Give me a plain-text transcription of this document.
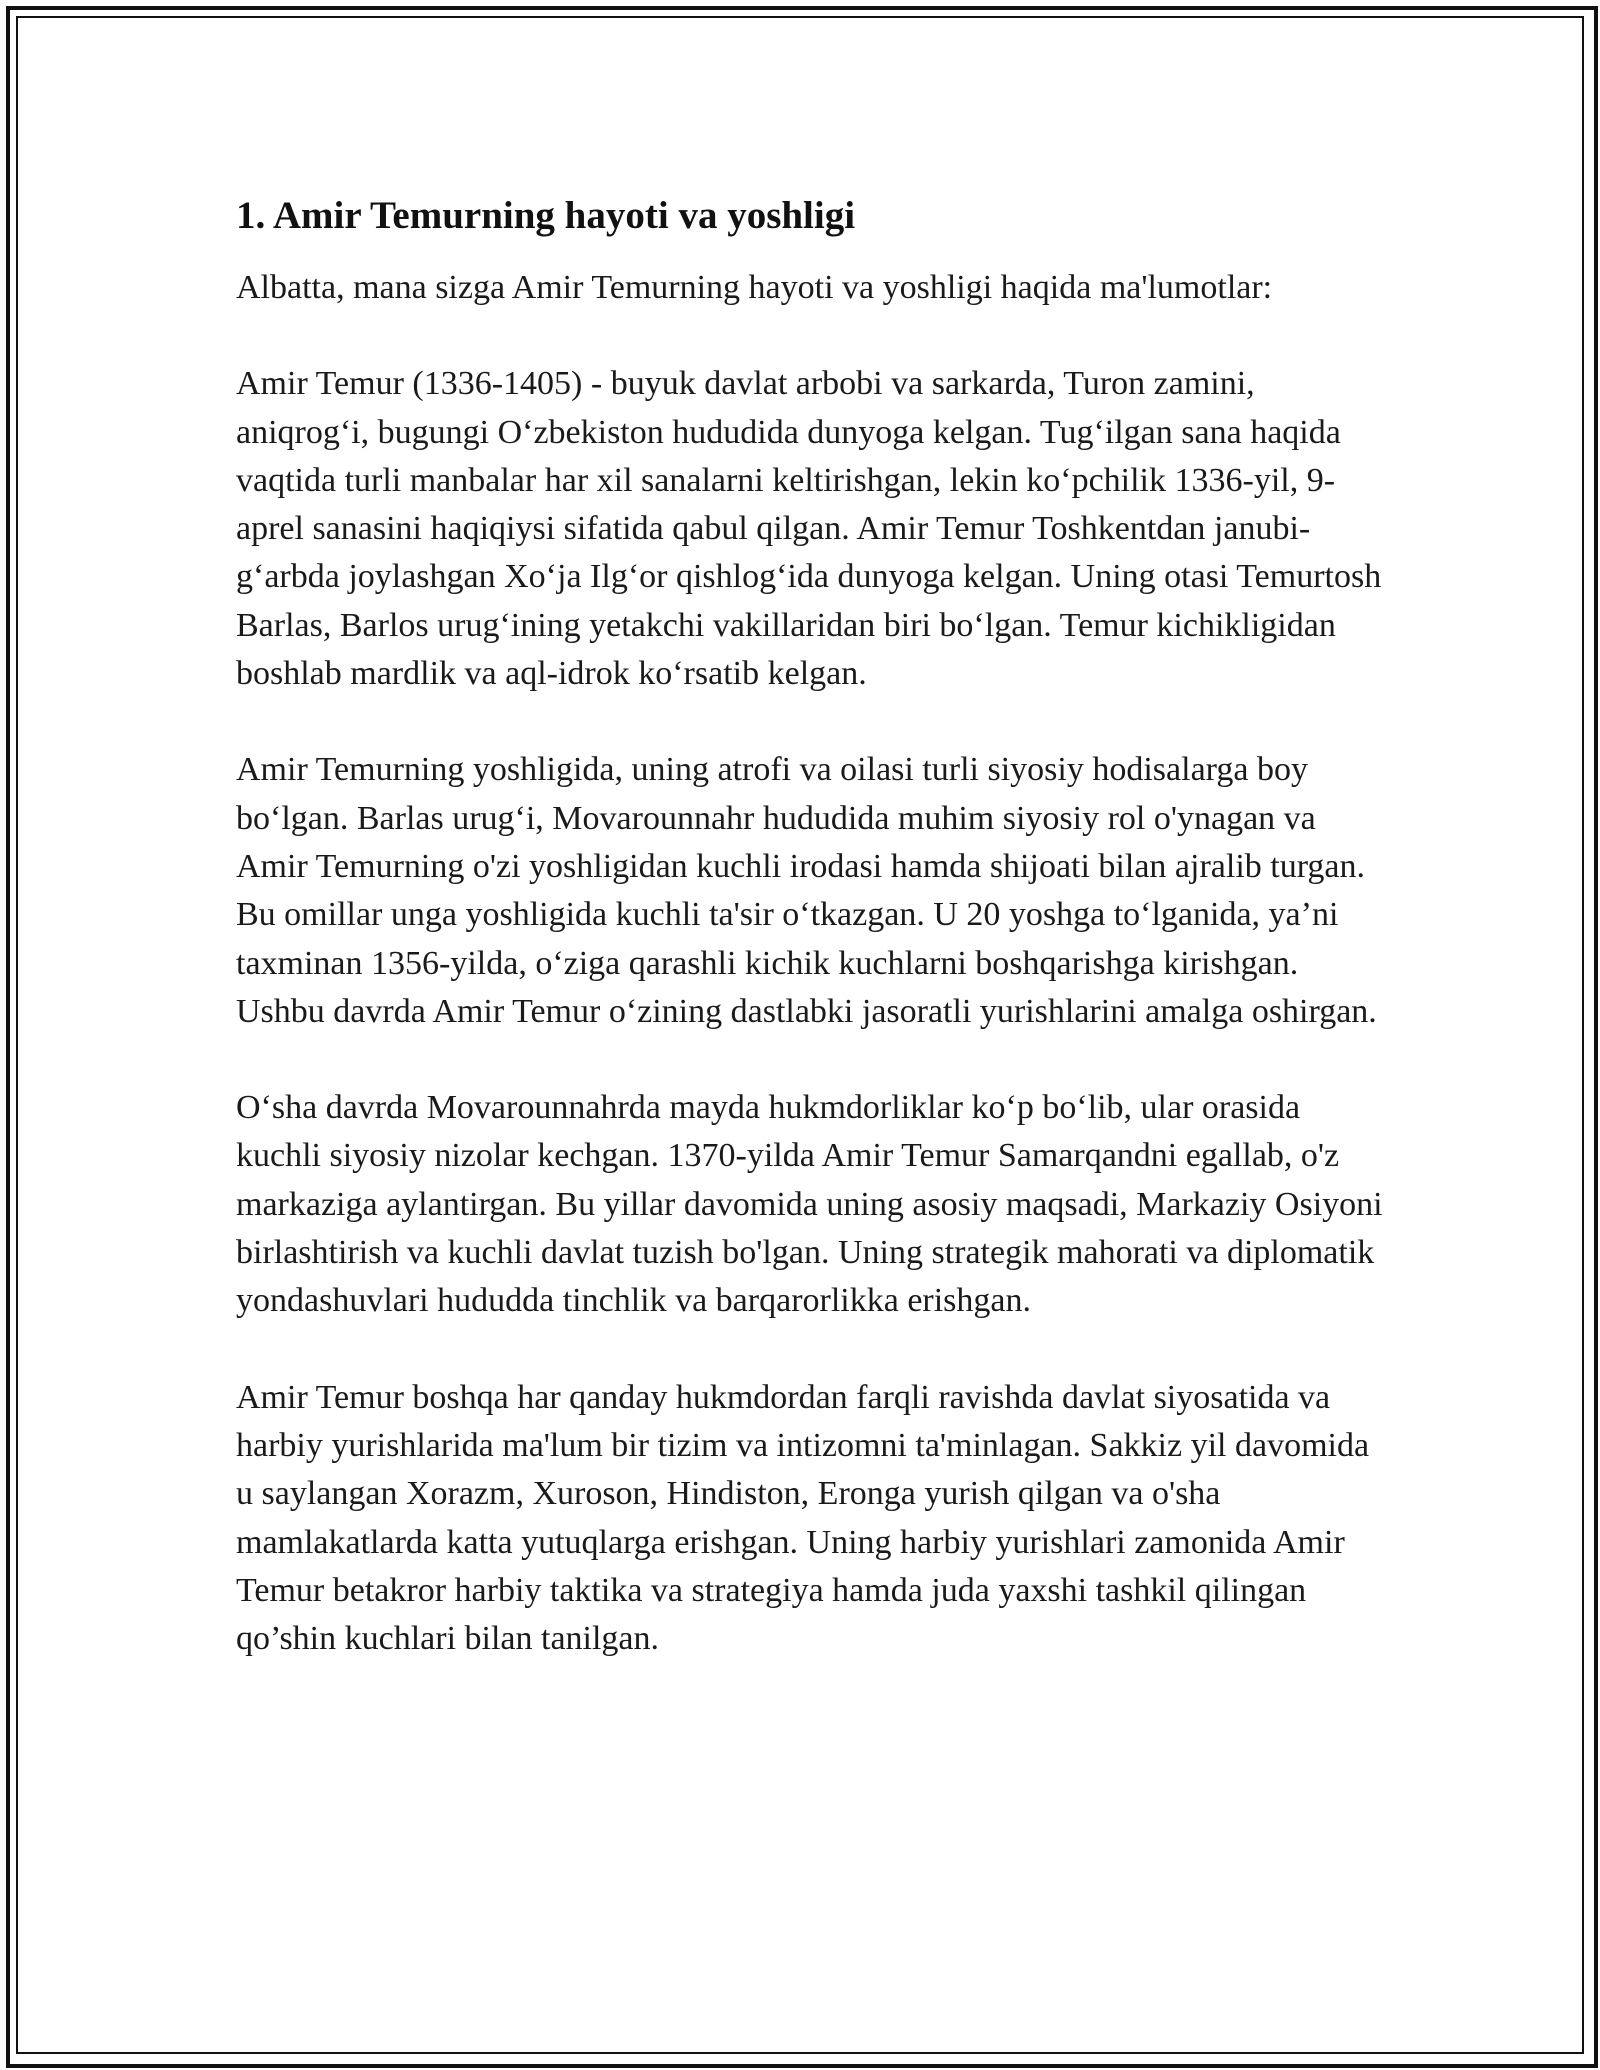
1. Amir Temurning hayoti va yoshligi

Albatta, mana sizga Amir Temurning hayoti va yoshligi haqida ma'lumotlar:

Amir Temur (1336-1405) - buyuk davlat arbobi va sarkarda, Turon zamini, aniqrog‘i, bugungi O‘zbekiston hududida dunyoga kelgan. Tug‘ilgan sana haqida vaqtida turli manbalar har xil sanalarni keltirishgan, lekin ko‘pchilik 1336-yil, 9-aprel sanasini haqiqiysi sifatida qabul qilgan. Amir Temur Toshkentdan janubi-g‘arbda joylashgan Xo‘ja Ilg‘or qishlog‘ida dunyoga kelgan. Uning otasi Temurtosh Barlas, Barlos urug‘ining yetakchi vakillaridan biri bo‘lgan. Temur kichikligidan boshlab mardlik va aql-idrok ko‘rsatib kelgan.

Amir Temurning yoshligida, uning atrofi va oilasi turli siyosiy hodisalarga boy bo‘lgan. Barlas urug‘i, Movarounnahr hududida muhim siyosiy rol o'ynagan va Amir Temurning o'zi yoshligidan kuchli irodasi hamda shijoati bilan ajralib turgan. Bu omillar unga yoshligida kuchli ta'sir o‘tkazgan. U 20 yoshga to‘lganida, ya’ni taxminan 1356-yilda, o‘ziga qarashli kichik kuchlarni boshqarishga kirishgan. Ushbu davrda Amir Temur o‘zining dastlabki jasoratli yurishlarini amalga oshirgan.

O‘sha davrda Movarounnahrda mayda hukmdorliklar ko‘p bo‘lib, ular orasida kuchli siyosiy nizolar kechgan. 1370-yilda Amir Temur Samarqandni egallab, o'z markaziga aylantirgan. Bu yillar davomida uning asosiy maqsadi, Markaziy Osiyoni birlashtirish va kuchli davlat tuzish bo'lgan. Uning strategik mahorati va diplomatik yondashuvlari hududda tinchlik va barqarorlikka erishgan.

Amir Temur boshqa har qanday hukmdordan farqli ravishda davlat siyosatida va harbiy yurishlarida ma'lum bir tizim va intizomni ta'minlagan. Sakkiz yil davomida u saylangan Xorazm, Xuroson, Hindiston, Eronga yurish qilgan va o'sha mamlakatlarda katta yutuqlarga erishgan. Uning harbiy yurishlari zamonida Amir Temur betakror harbiy taktika va strategiya hamda juda yaxshi tashkil qilingan qo’shin kuchlari bilan tanilgan.
